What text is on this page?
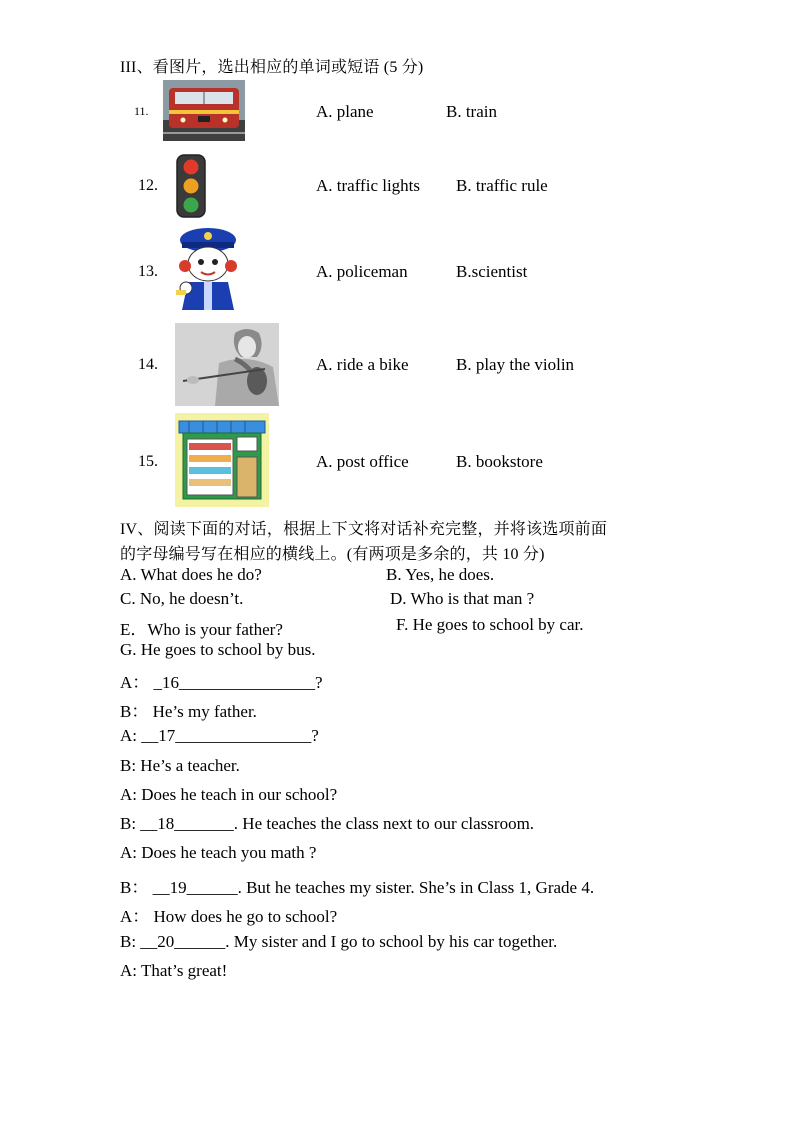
III、看图片，选出相应的单词或短语 (5 分)
11.	A. plane	B. train
12.	A. traffic lights B. traffic rule
13.	A. policeman	B.scientist
14.	A. ride a bike	B. play the violin
15.	A. post office	B. bookstore
IV、阅读下面的对话，根据上下文将对话补充完整，并将该选项前面
的字母编号写在相应的横线上。(有两项是多余的，共 10 分)
A. What does he do?	B. Yes, he does.
C. No, he doesn’t.	D. Who is that man ?
E．Who is your father?	F. He goes to school by car.
G. He goes to school by bus.
A： _16________________?
B： He’s my father.
A: __17________________?
B: He’s a teacher.
A: Does he teach in our school?
B: __18_______. He teaches the class next to our classroom.
A: Does he teach you math ?
B： __19______. But he teaches my sister. She’s in Class 1, Grade 4.
A： How does he go to school?
B: __20______. My sister and I go to school by his car together.
A: That’s great!
